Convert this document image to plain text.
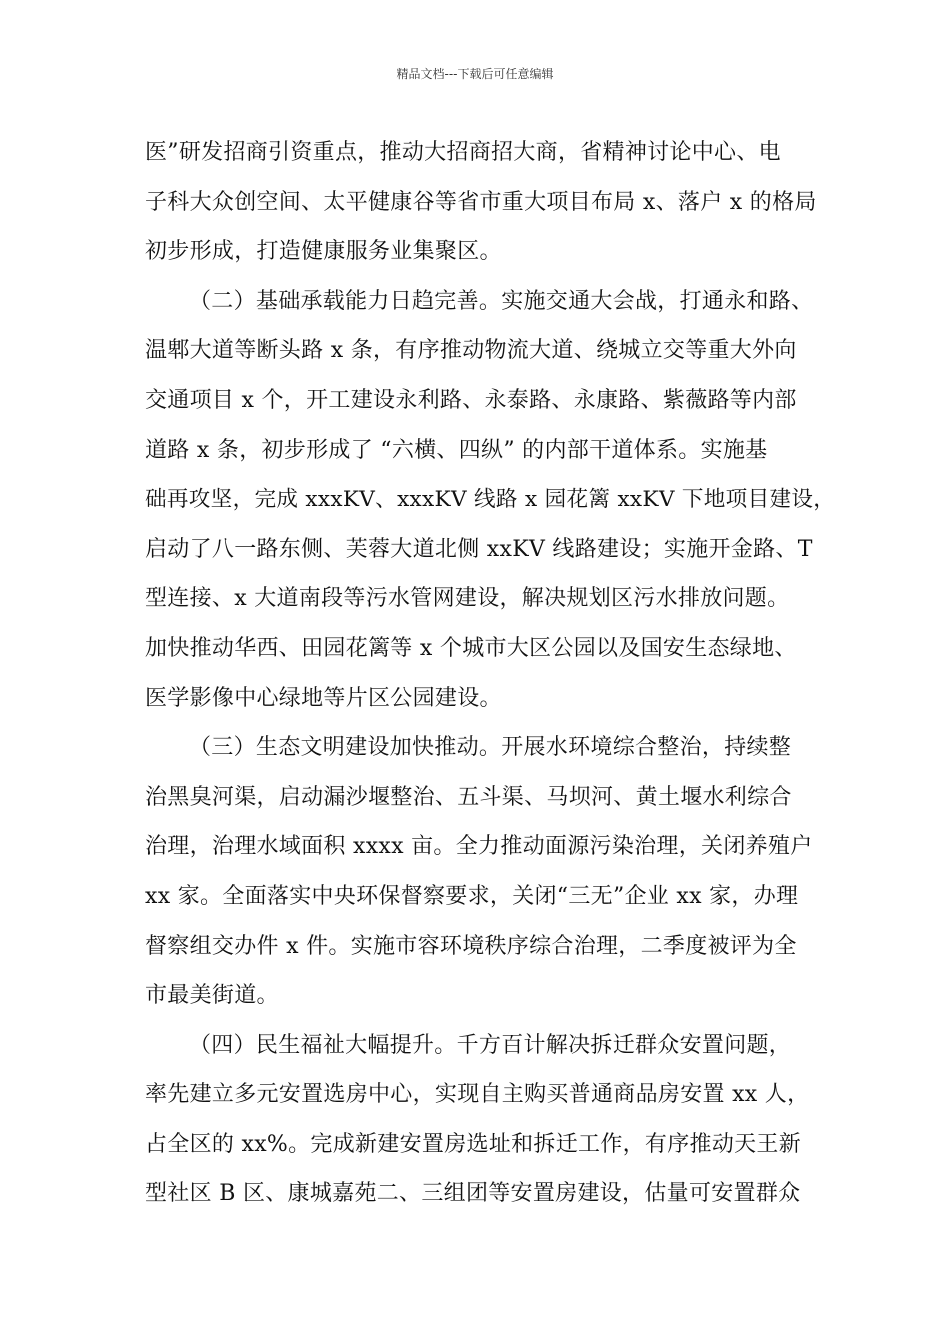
精品文档---下载后可任意编辑
医”研发招商引资重点，推动大招商招大商，省精神讨论中心、电
子科大众创空间、太平健康谷等省市重大项目布局 x、落户 x 的格局
初步形成，打造健康服务业集聚区。
（二）基础承载能力日趋完善。实施交通大会战，打通永和路、
温郫大道等断头路 x 条，有序推动物流大道、绕城立交等重大外向
交通项目 x 个，开工建设永利路、永泰路、永康路、紫薇路等内部
道路 x 条，初步形成了 “六横、四纵” 的内部干道体系。实施基
础再攻坚，完成 xxxKV、xxxKV 线路 x 园花篱 xxKV 下地项目建设，
启动了八一路东侧、芙蓉大道北侧 xxKV 线路建设；实施开金路、T
型连接、x 大道南段等污水管网建设，解决规划区污水排放问题。
加快推动华西、田园花篱等 x 个城市大区公园以及国安生态绿地、
医学影像中心绿地等片区公园建设。
（三）生态文明建设加快推动。开展水环境综合整治，持续整
治黑臭河渠，启动漏沙堰整治、五斗渠、马坝河、黄土堰水利综合
治理，治理水域面积 xxxx 亩。全力推动面源污染治理，关闭养殖户
xx 家。全面落实中央环保督察要求，关闭“三无”企业 xx 家，办理
督察组交办件 x 件。实施市容环境秩序综合治理，二季度被评为全
市最美街道。
（四）民生福祉大幅提升。千方百计解决拆迁群众安置问题，
率先建立多元安置选房中心，实现自主购买普通商品房安置 xx 人，
占全区的 xx%。完成新建安置房选址和拆迁工作，有序推动天王新
型社区 B 区、康城嘉苑二、三组团等安置房建设，估量可安置群众
